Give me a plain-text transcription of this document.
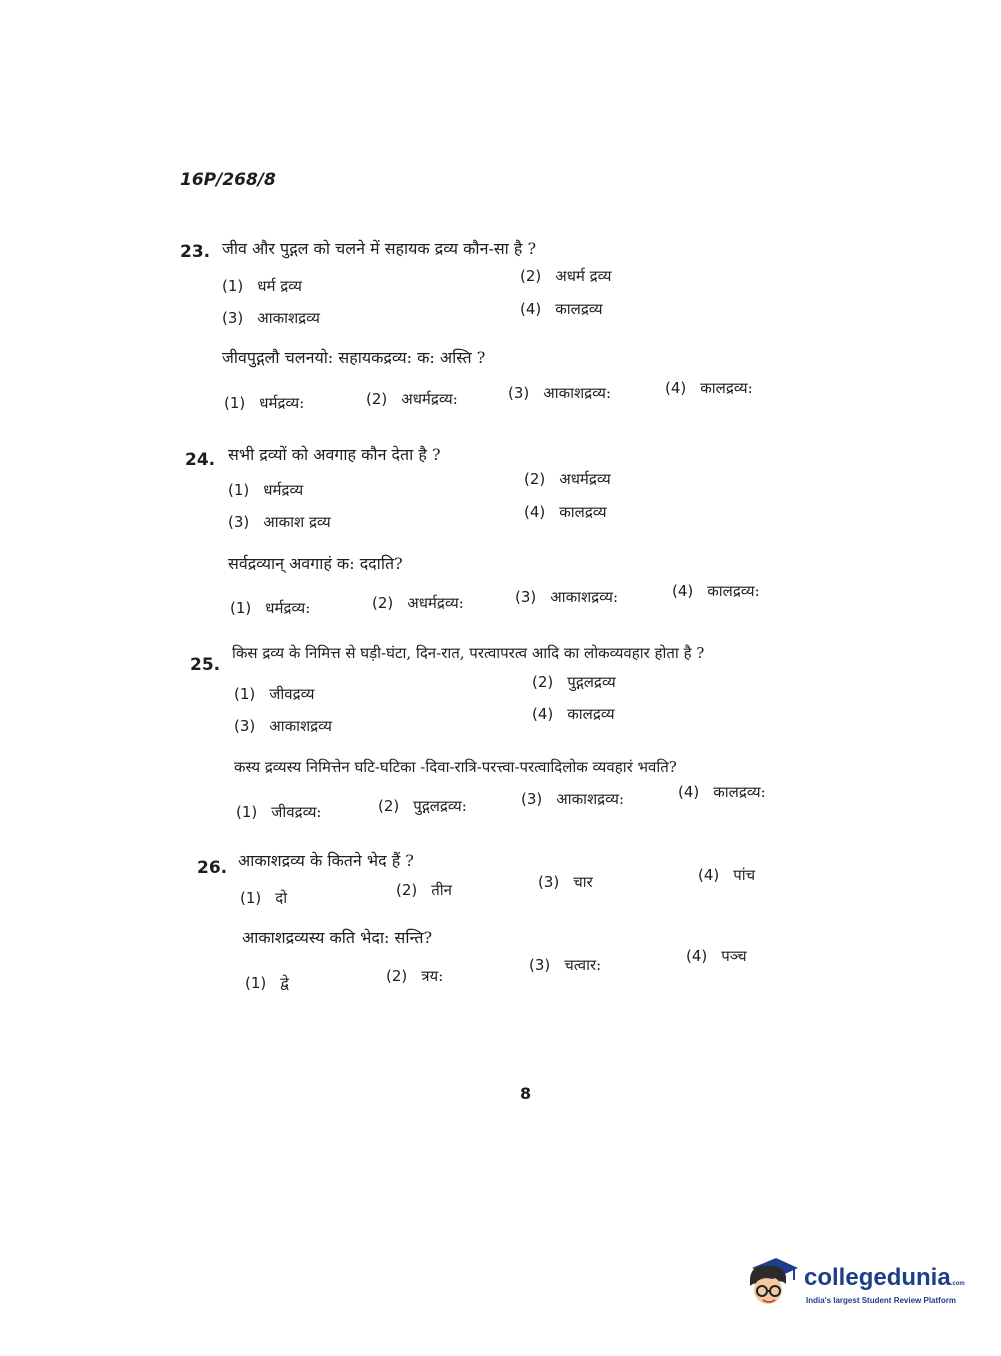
16P/268/8
23. जीव और पुद्गल को चलने में सहायक द्रव्य कौन-सा है ?
(1) धर्म द्रव्य
(2) अधर्म द्रव्य
(3) आकाशद्रव्य	(4) कालद्रव्य
जीवपुद्गलौ चलनयो: सहायकद्रव्य: क: अस्ति ?
(1) धर्मद्रव्य:	(2) अधर्मद्रव्य:	(3) आकाशद्रव्य:	(4) कालद्रव्य:
24. सभी द्रव्यों को अवगाह कौन देता है ?
(1) धर्मद्रव्य
(2) अधर्मद्रव्य
(3) आकाश द्रव्य
(4) कालद्रव्य
सर्वद्रव्यान् अवगाहं क: ददाति?
(1) धर्मद्रव्य:	(2) अधर्मद्रव्य:	(3) आकाशद्रव्य:	(4) कालद्रव्य:
25.
किस द्रव्य के निमित्त से घड़ी-घंटा, दिन-रात, परत्वापरत्व आदि का लोकव्यवहार होता है ?
(1) जीवद्रव्य
(2) पुद्गलद्रव्य
(3) आकाशद्रव्य
(4) कालद्रव्य
कस्य द्रव्यस्य निमित्तेन घटि-घटिका -दिवा-रात्रि-परत्त्वा-परत्वादिलोक व्यवहारं भवति?
(1) जीवद्रव्य:	(2) पुद्गलद्रव्य:	(3) आकाशद्रव्य:	(4) कालद्रव्य:
26. आकाशद्रव्य के कितने भेद हैं ?
(1) दो	(2) तीन	(3) चार	(4) पांच
आकाशद्रव्यस्य कति भेदा: सन्ति?
(1) द्वे	(2) त्रय:
(3) चत्वार:	(4) पञ्च
8
collegedunia.com
India's largest Student Review Platform
